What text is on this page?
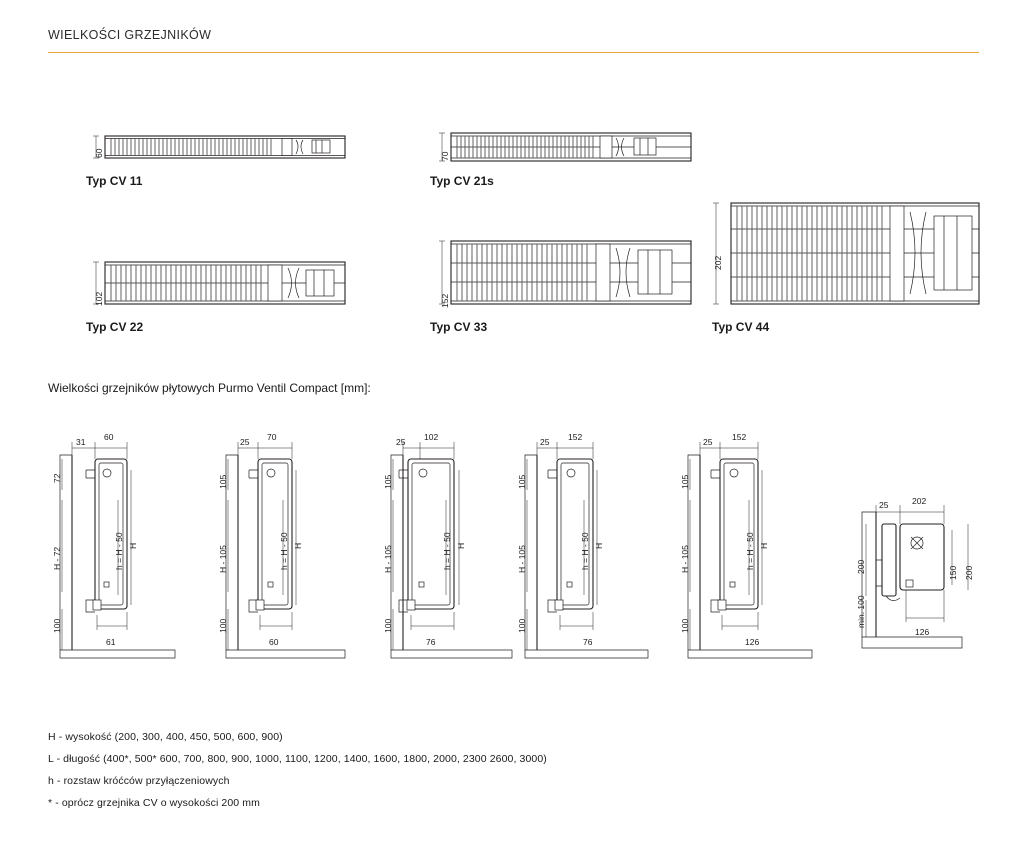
WIELKOŚCI GRZEJNIKÓW
60
Typ CV 11
70
Typ CV 21s
102
Typ CV 22
152
Typ CV 33
202
Typ CV 44
Wielkości grzejników płytowych Purmo Ventil Compact [mm]:
31 60
72
H - 72
100
h = H - 50 H
61
25 70
105
H - 105
100
h = H - 50 H
60
25 102
105
H - 105
100
h = H - 50 H
76
25 152
105
H - 105
100
h = H - 50 H
76
25 152
105
H - 105
100
h = H - 50 H
126
25	202
200
min. 100
150 200
126
H - wysokość (200, 300, 400, 450, 500, 600, 900)
L - długość (400*, 500* 600, 700, 800, 900, 1000, 1100, 1200, 1400, 1600, 1800, 2000, 2300 2600, 3000)
h - rozstaw króćców przyłączeniowych
* - oprócz grzejnika CV o wysokości 200 mm
